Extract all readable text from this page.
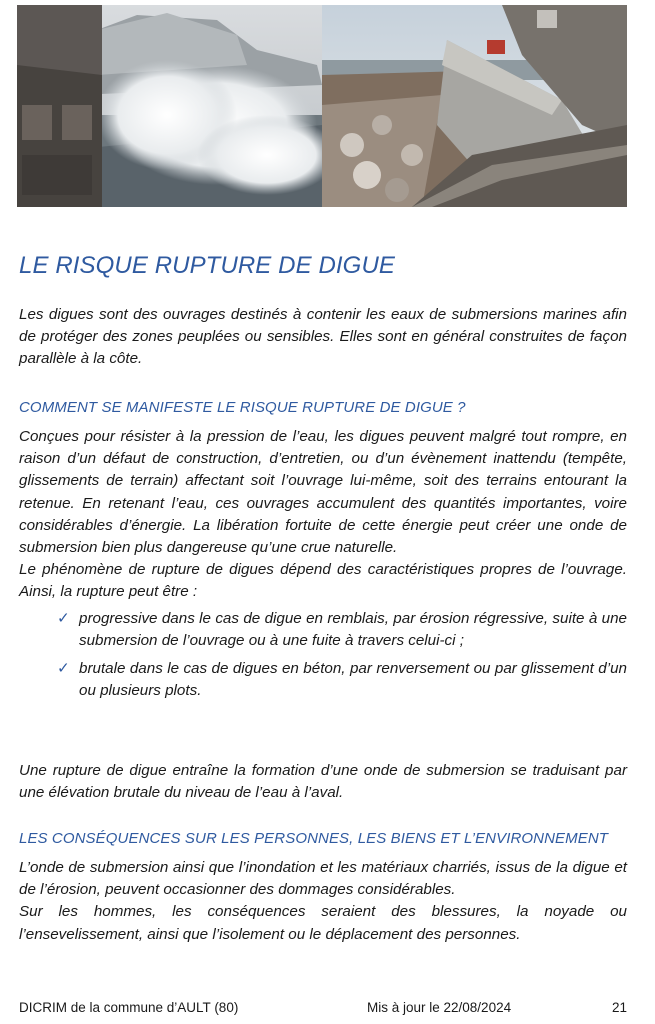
LE RISQUE RUPTURE DE DIGUE

Les digues sont des ouvrages destinés à contenir les eaux de submersions marines afin de protéger des zones peuplées ou sensibles. Elles sont en général construites de façon parallèle à la côte.

COMMENT SE MANIFESTE LE RISQUE RUPTURE DE DIGUE ?

Conçues pour résister à la pression de l’eau, les digues peuvent malgré tout rompre, en raison d’un défaut de construction, d’entretien, ou d’un évènement inattendu (tempête, glissements de terrain) affectant soit l’ouvrage lui-même, soit des terrains entourant la retenue. En retenant l’eau, ces ouvrages accumulent des quantités importantes, voire considérables d’énergie. La libération fortuite de cette énergie peut créer une onde de submersion bien plus dangereuse qu’une crue naturelle.

Le phénomène de rupture de digues dépend des caractéristiques propres de l’ouvrage. Ainsi, la rupture peut être :

✓ progressive dans le cas de digue en remblais, par érosion régressive, suite à une submersion de l’ouvrage ou à une fuite à travers celui-ci ;
✓ brutale dans le cas de digues en béton, par renversement ou par glissement d’un ou plusieurs plots.

Une rupture de digue entraîne la formation d’une onde de submersion se traduisant par une élévation brutale du niveau de l’eau à l’aval.

LES CONSÉQUENCES SUR LES PERSONNES, LES BIENS ET L’ENVIRONNEMENT

L’onde de submersion ainsi que l’inondation et les matériaux charriés, issus de la digue et de l’érosion, peuvent occasionner des dommages considérables.

Sur les hommes, les conséquences seraient des blessures, la noyade ou l’ensevelissement, ainsi que l’isolement ou le déplacement des personnes.

DICRIM de la commune d’AULT (80)	Mis à jour le 22/08/2024	21
